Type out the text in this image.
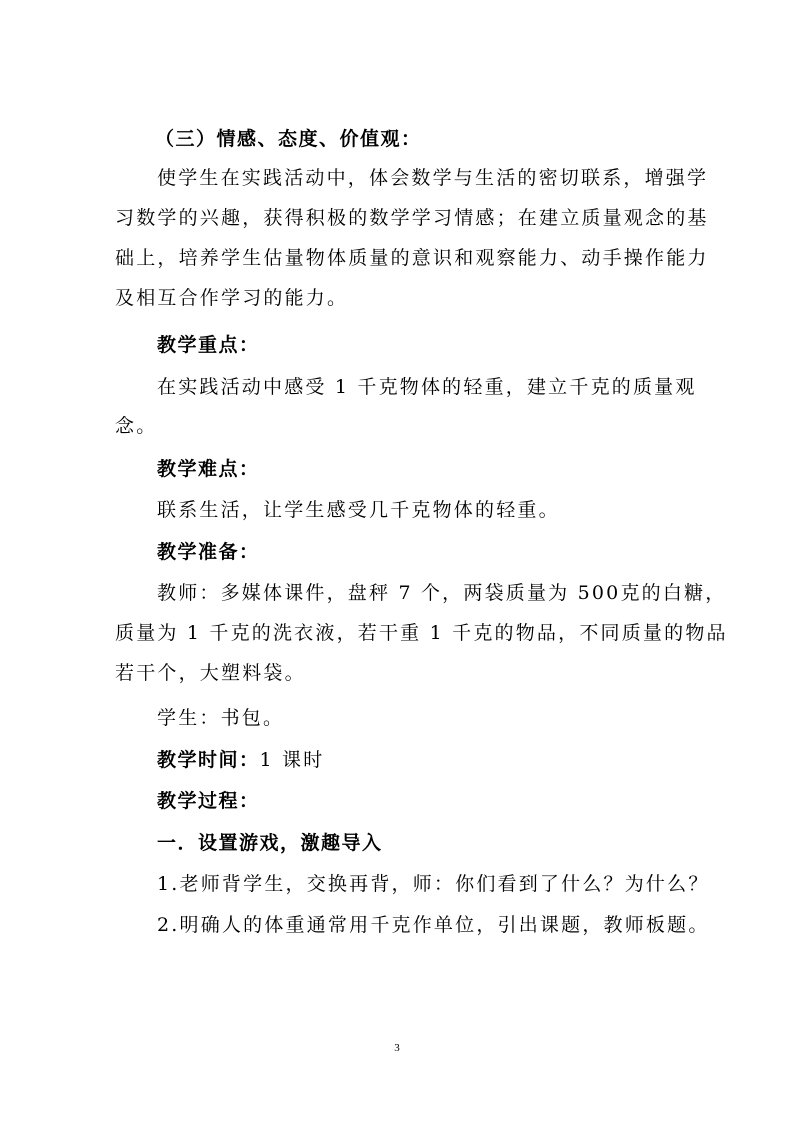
（三）情感、态度、价值观：
使学生在实践活动中，体会数学与生活的密切联系，增强学
习数学的兴趣，获得积极的数学学习情感；在建立质量观念的基
础上，培养学生估量物体质量的意识和观察能力、动手操作能力
及相互合作学习的能力。
教学重点：
在实践活动中感受 1 千克物体的轻重，建立千克的质量观
念。
教学难点：
联系生活，让学生感受几千克物体的轻重。
教学准备：
教师：多媒体课件，盘秤 7 个，两袋质量为 500克的白糖，
质量为 1 千克的洗衣液，若干重 1 千克的物品，不同质量的物品
若干个，大塑料袋。
学生：书包。
教学时间：1 课时
教学过程：
一．设置游戏，激趣导入
1.老师背学生，交换再背，师：你们看到了什么？为什么？
2.明确人的体重通常用千克作单位，引出课题，教师板题。
3
